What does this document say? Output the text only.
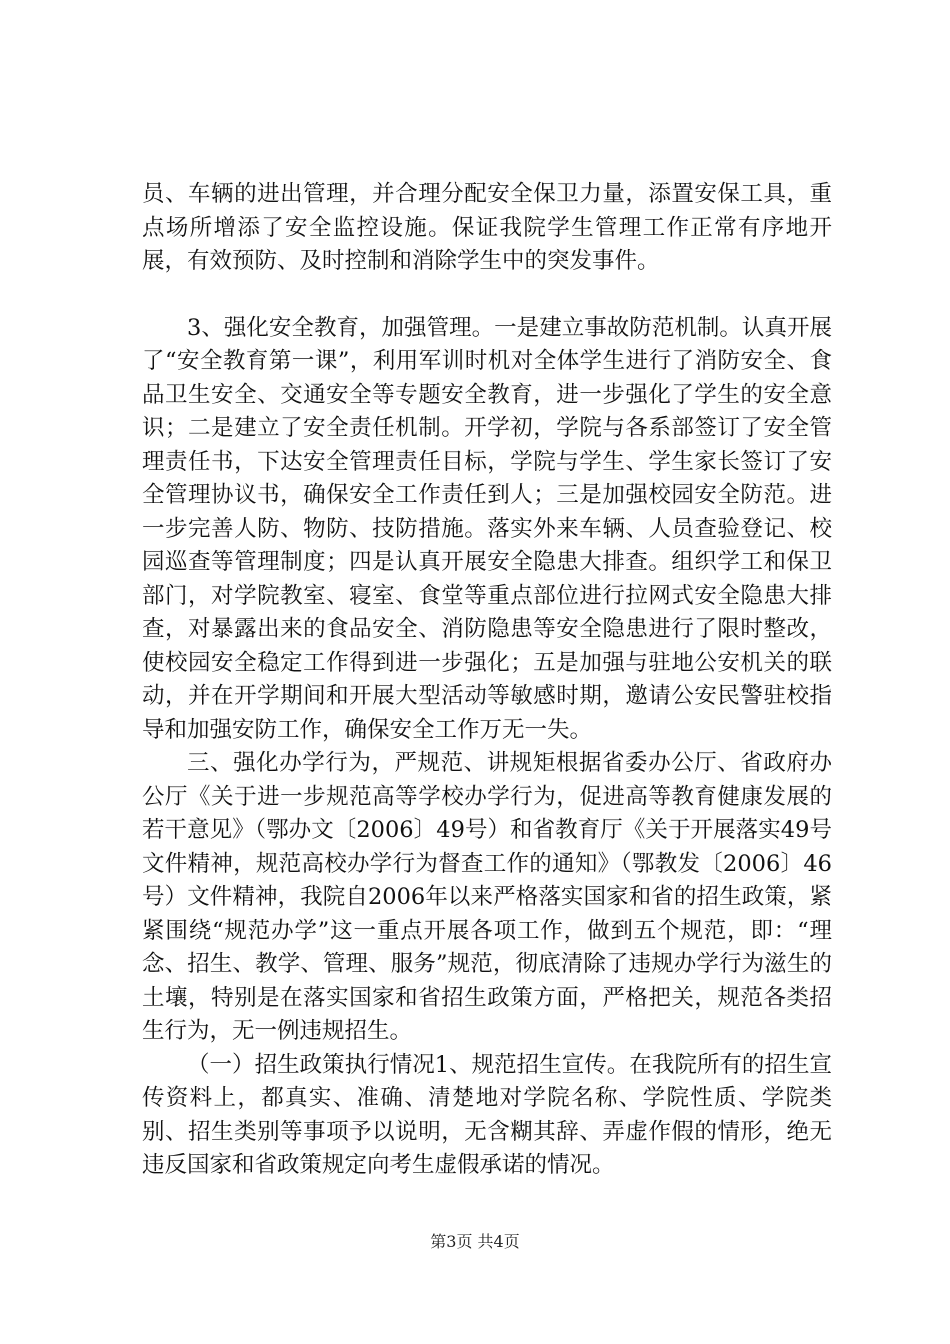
员、车辆的进出管理，并合理分配安全保卫力量，添置安保工具，重点场所增添了安全监控设施。保证我院学生管理工作正常有序地开展，有效预防、及时控制和消除学生中的突发事件。

3、强化安全教育，加强管理。一是建立事故防范机制。认真开展了“安全教育第一课”，利用军训时机对全体学生进行了消防安全、食品卫生安全、交通安全等专题安全教育，进一步强化了学生的安全意识；二是建立了安全责任机制。开学初，学院与各系部签订了安全管理责任书，下达安全管理责任目标，学院与学生、学生家长签订了安全管理协议书，确保安全工作责任到人；三是加强校园安全防范。进一步完善人防、物防、技防措施。落实外来车辆、人员查验登记、校园巡查等管理制度；四是认真开展安全隐患大排查。组织学工和保卫部门，对学院教室、寝室、食堂等重点部位进行拉网式安全隐患大排查，对暴露出来的食品安全、消防隐患等安全隐患进行了限时整改，使校园安全稳定工作得到进一步强化；五是加强与驻地公安机关的联动，并在开学期间和开展大型活动等敏感时期，邀请公安民警驻校指导和加强安防工作，确保安全工作万无一失。

三、强化办学行为，严规范、讲规矩根据省委办公厅、省政府办公厅《关于进一步规范高等学校办学行为，促进高等教育健康发展的若干意见》（鄂办文〔2006〕49号）和省教育厅《关于开展落实49号文件精神，规范高校办学行为督查工作的通知》（鄂教发〔2006〕46号）文件精神，我院自2006年以来严格落实国家和省的招生政策，紧紧围绕“规范办学”这一重点开展各项工作，做到五个规范，即：“理念、招生、教学、管理、服务”规范，彻底清除了违规办学行为滋生的土壤，特别是在落实国家和省招生政策方面，严格把关，规范各类招生行为，无一例违规招生。

（一）招生政策执行情况1、规范招生宣传。在我院所有的招生宣传资料上，都真实、准确、清楚地对学院名称、学院性质、学院类别、招生类别等事项予以说明，无含糊其辞、弄虚作假的情形，绝无违反国家和省政策规定向考生虚假承诺的情况。

第3页 共4页
